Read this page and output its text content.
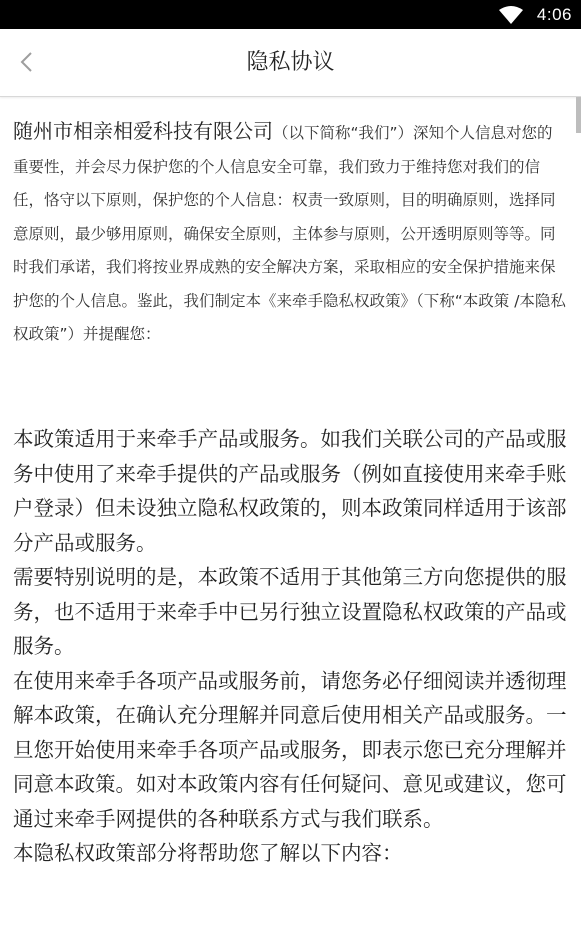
4:06
隐私协议
随州市相亲相爱科技有限公司（以下简称“我们”）深知个人信息对您的重要性，并会尽力保护您的个人信息安全可靠，我们致力于维持您对我们的信任，恪守以下原则，保护您的个人信息：权责一致原则，目的明确原则，选择同意原则，最少够用原则，确保安全原则，主体参与原则，公开透明原则等等。同时我们承诺，我们将按业界成熟的安全解决方案，采取相应的安全保护措施来保护您的个人信息。鉴此，我们制定本《来牵手隐私权政策》（下称“本政策 /本隐私权政策”）并提醒您：

本政策适用于来牵手产品或服务。如我们关联公司的产品或服务中使用了来牵手提供的产品或服务（例如直接使用来牵手账户登录）但未设独立隐私权政策的，则本政策同样适用于该部分产品或服务。

需要特别说明的是，本政策不适用于其他第三方向您提供的服务，也不适用于来牵手中已另行独立设置隐私权政策的产品或服务。

在使用来牵手各项产品或服务前，请您务必仔细阅读并透彻理解本政策，在确认充分理解并同意后使用相关产品或服务。一旦您开始使用来牵手各项产品或服务，即表示您已充分理解并同意本政策。如对本政策内容有任何疑问、意见或建议，您可通过来牵手网提供的各种联系方式与我们联系。

本隐私权政策部分将帮助您了解以下内容：
